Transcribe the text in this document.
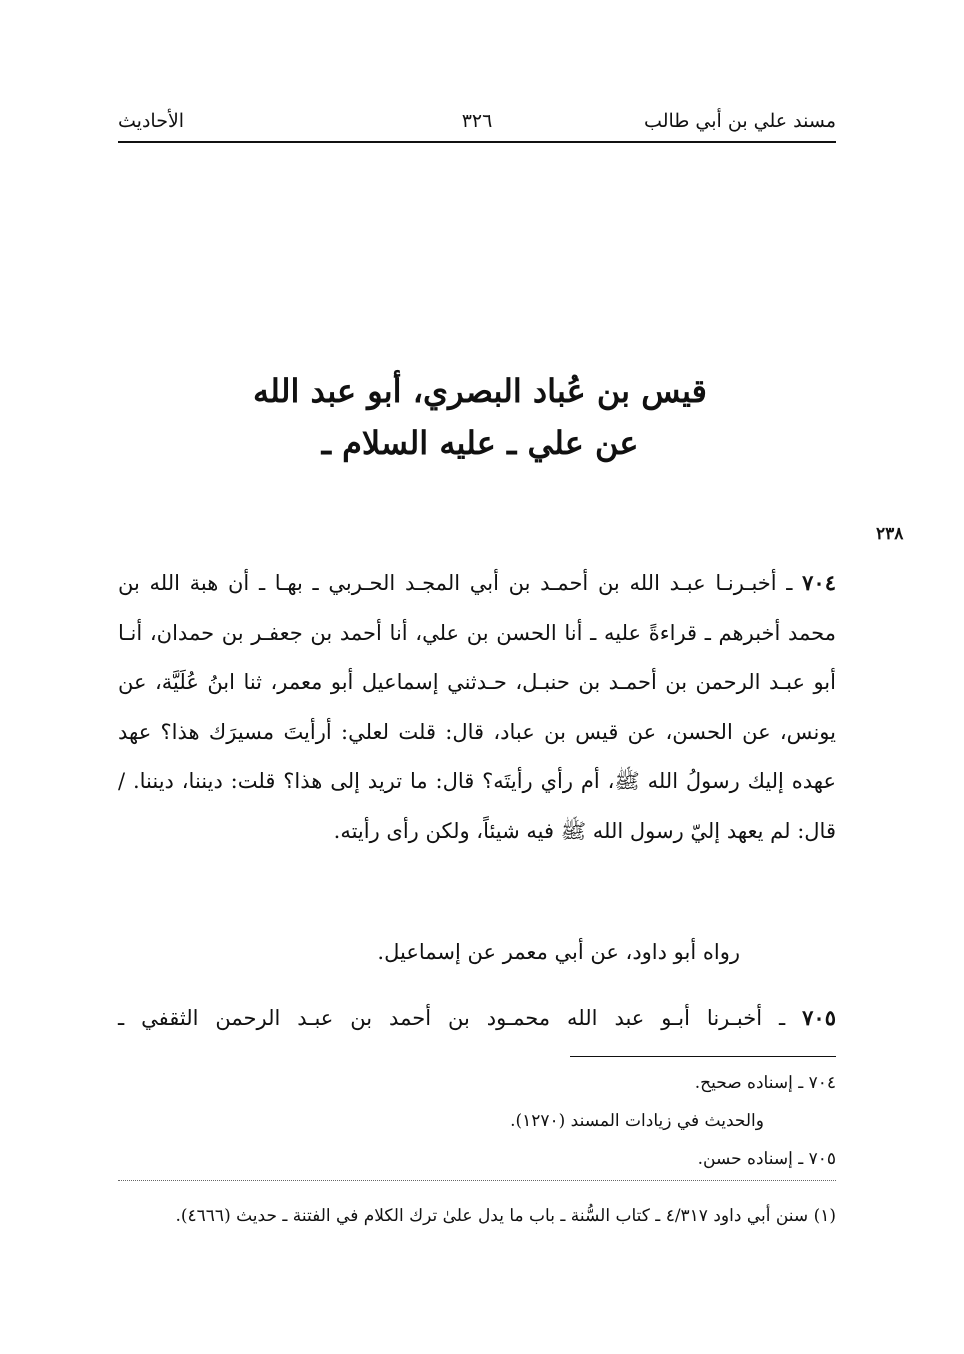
مسند علي بن أبي طالب
٣٢٦
الأحاديث
قيس بن عُباد البصري، أبو عبد الله
عن علي ـ عليه السلام ـ
٢٣٨
٧٠٤ ـ أخبـرنـا عبـد الله بن أحمـد بن أبي المجـد الحـربي ـ بهـا ـ أن هبة الله بن محمد أخبرهم ـ قراءةً عليه ـ أنا الحسن بن علي، أنا أحمد بن جعفـر بن حمدان، أنـا أبو عبـد الرحمن بن أحمـد بن حنبـل، حـدثني إسماعيل أبو معمر، ثنا ابنُ عُلَيَّة، عن يونس، عن الحسن، عن قيس بن عباد، قال: قلت لعلي: أرأيتَ مسيرَك هذا؟ عهد عهده إليك رسولُ الله ﷺ، أم رأي رأيتَه؟ قال: ما تريد إلى هذا؟ قلت: ديننا، ديننا. / قال: لم يعهد إليّ رسول الله ﷺ فيه شيئاً، ولكن رأى رأيته.
رواه أبو داود، عن أبي معمر عن إسماعيل.
٧٠٥ ـ أخبـرنا أبـو عبد الله محمـود بن أحمد بن عبـد الرحمن الثقفي ـ
٧٠٤ ـ إسناده صحيح.
والحديث في زيادات المسند (١٢٧٠).
٧٠٥ ـ إسناده حسن.
(١) سنن أبي داود ٤/٣١٧ ـ كتاب السُّنة ـ باب ما يدل علىٰ ترك الكلام في الفتنة ـ حديث (٤٦٦٦).
